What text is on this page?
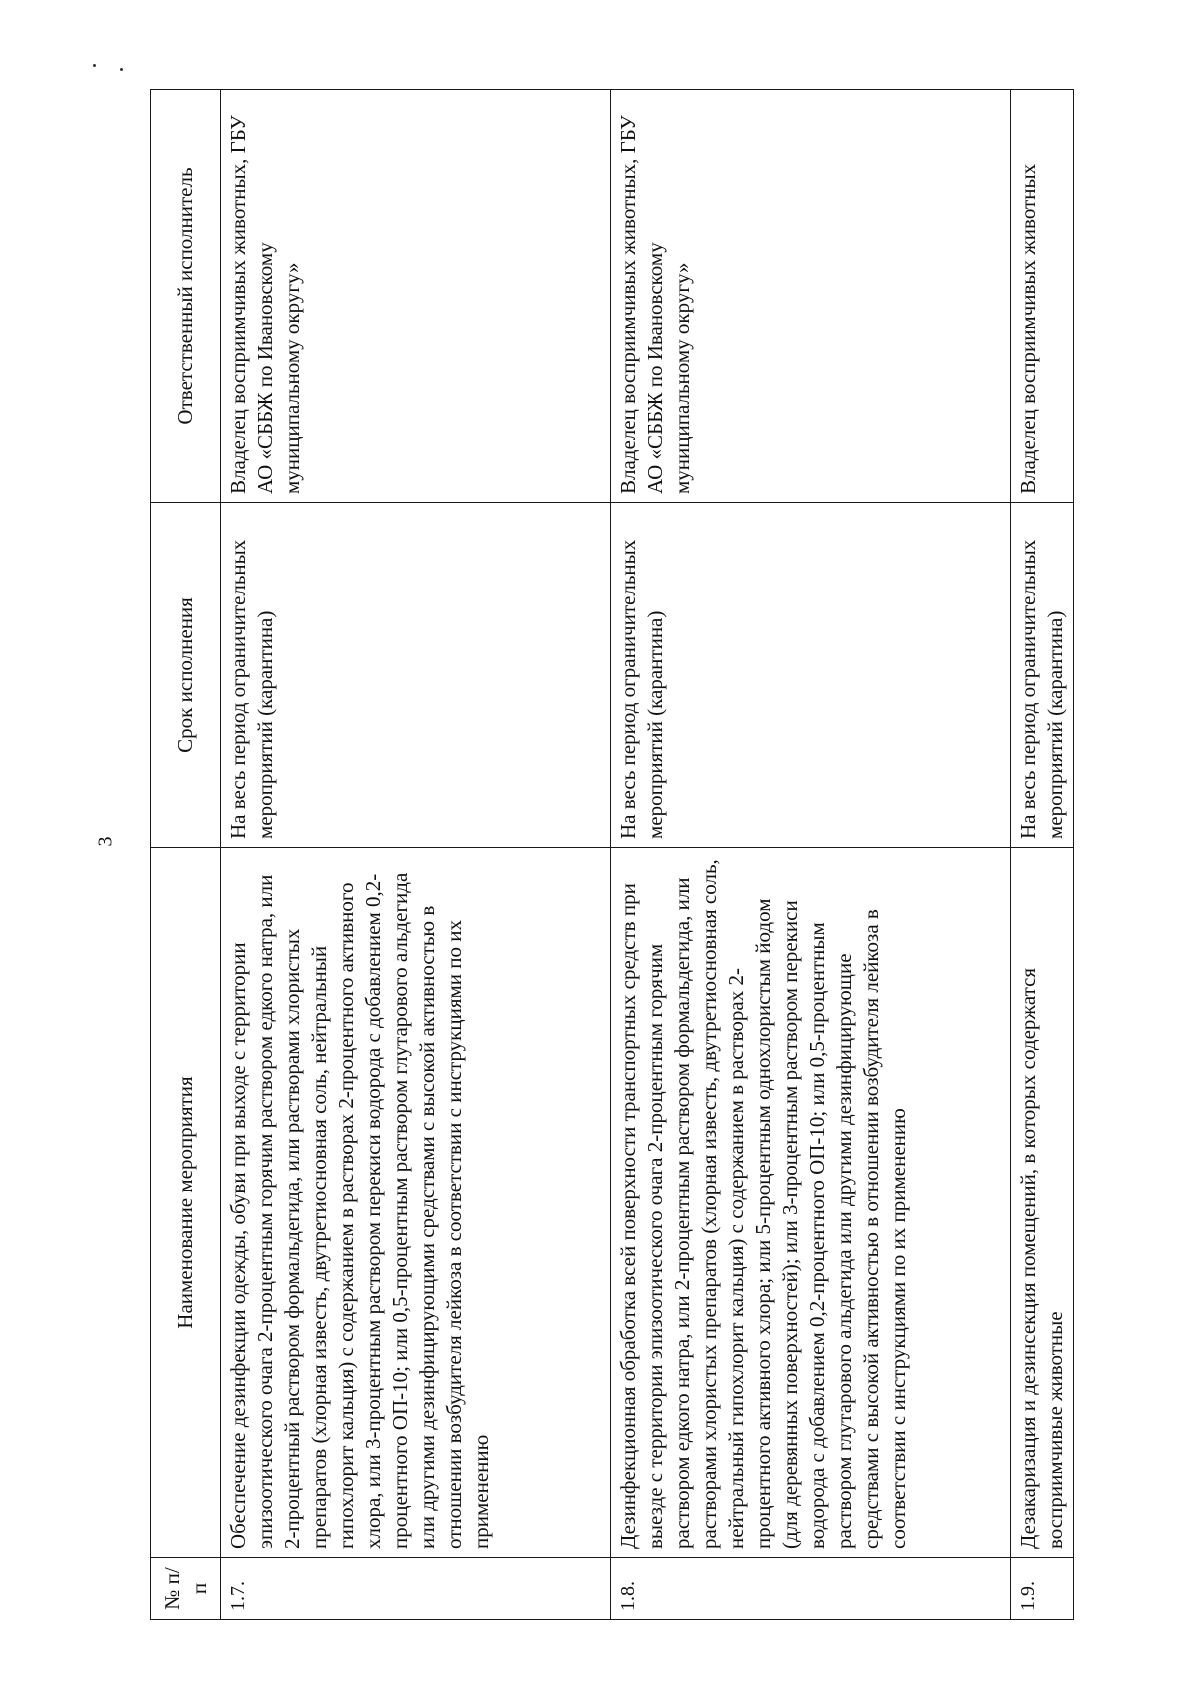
3
№ п/п	Наименование мероприятия	Срок исполнения	Ответственный исполнитель
1.7.	Обеспечение дезинфекции одежды, обуви при выходе с территории эпизоотического очага 2-процентным горячим раствором едкого натра, или 2-процентный раствором формальдегида, или растворами хлористых препаратов (хлорная известь, двутретиосновная соль, нейтральный гипохлорит кальция) с содержанием в растворах 2-процентного активного хлора, или 3-процентным раствором перекиси водорода с добавлением 0,2-процентного ОП-10; или 0,5-процентным раствором глутарового альдегида или другими дезинфицирующими средствами с высокой активностью в отношении возбудителя лейкоза в соответствии с инструкциями по их применению	На весь период ограничительных мероприятий (карантина)	Владелец восприимчивых животных, ГБУ АО «СББЖ по Ивановскому муниципальному округу»
1.8.	Дезинфекционная обработка всей поверхности транспортных средств при выезде с территории эпизоотического очага 2-процентным горячим раствором едкого натра, или 2-процентным раствором формальдегида, или растворами хлористых препаратов (хлорная известь, двутретиосновная соль, нейтральный гипохлорит кальция) с содержанием в растворах 2-процентного активного хлора; или 5-процентным однохлористым йодом (для деревянных поверхностей); или 3-процентным раствором перекиси водорода с добавлением 0,2-процентного ОП-10; или 0,5-процентным раствором глутарового альдегида или другими дезинфицирующие средствами с высокой активностью в отношении возбудителя лейкоза в соответствии с инструкциями по их применению	На весь период ограничительных мероприятий (карантина)	Владелец восприимчивых животных, ГБУ АО «СББЖ по Ивановскому муниципальному округу»
1.9.	Дезакаризация и дезинсекция помещений, в которых содержатся восприимчивые животные	На весь период ограничительных мероприятий (карантина)	Владелец восприимчивых животных
